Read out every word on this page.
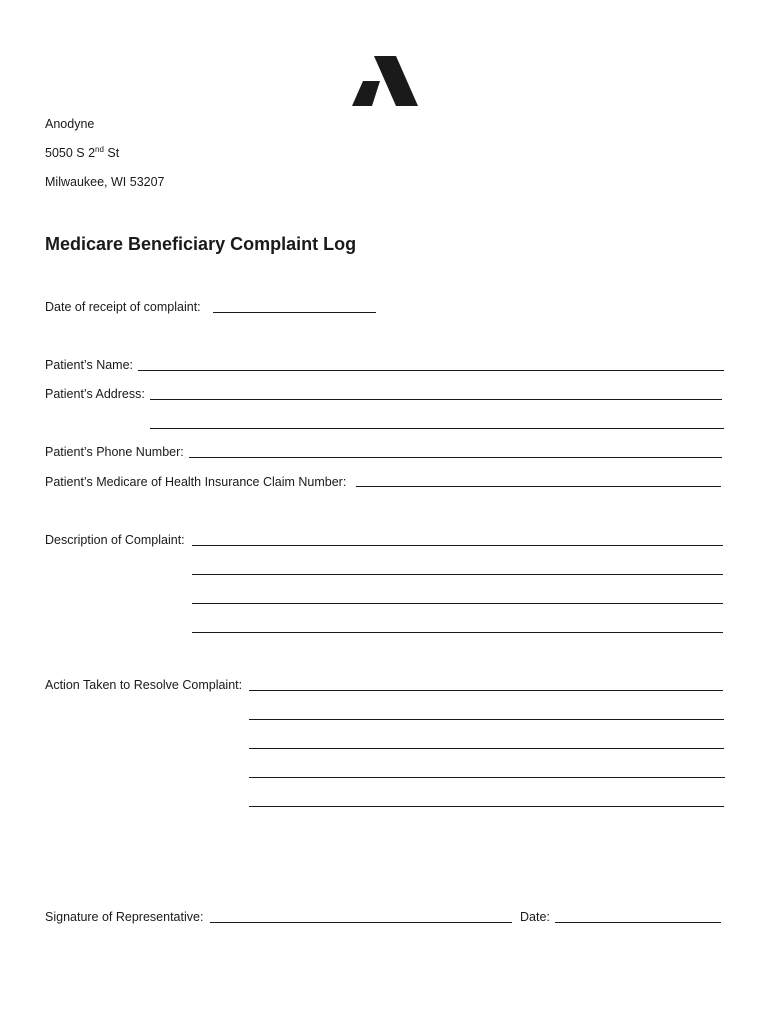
Anodyne
5050 S 2nd St
Milwaukee, WI 53207
Medicare Beneficiary Complaint Log
Date of receipt of complaint:
Patient’s Name:
Patient’s Address:
Patient’s Phone Number:
Patient’s Medicare of Health Insurance Claim Number:
Description of Complaint:
Action Taken to Resolve Complaint:
Signature of Representative:	Date:
